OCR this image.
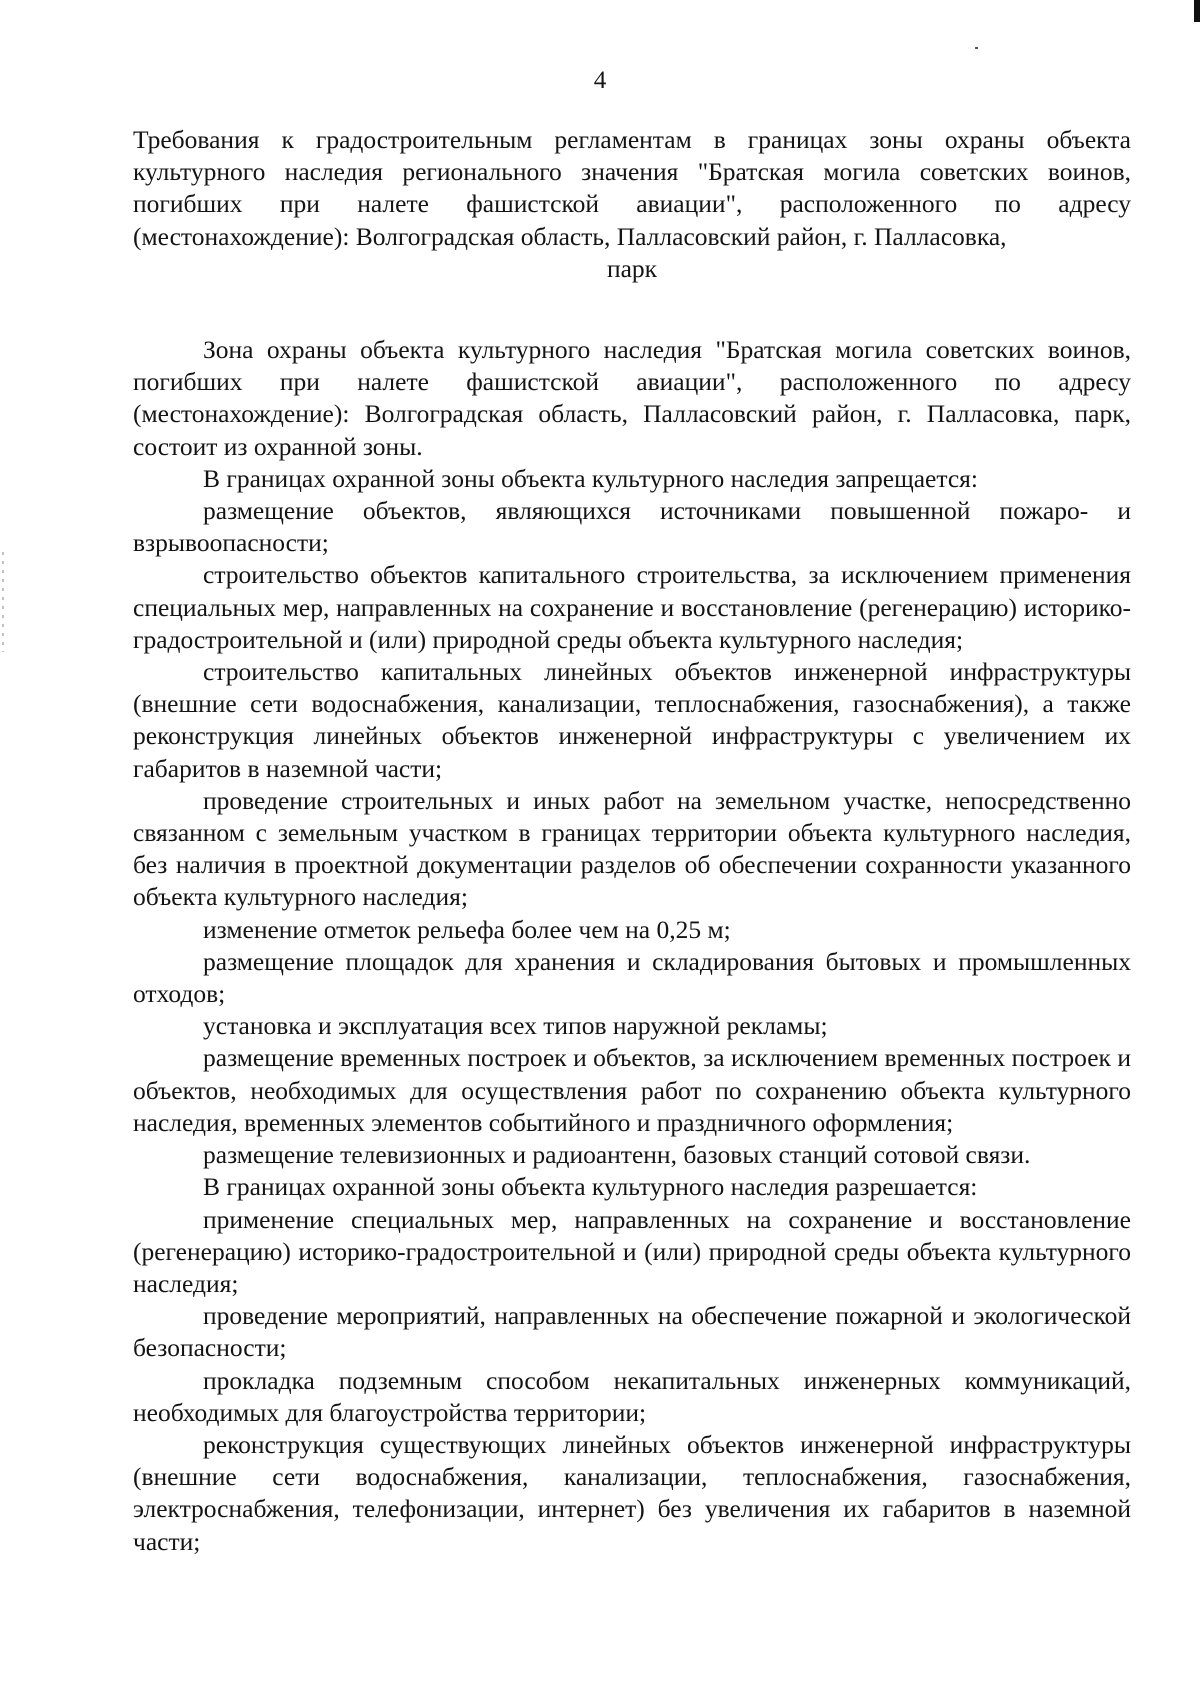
4

Требования к градостроительным регламентам в границах зоны охраны объекта культурного наследия регионального значения "Братская могила советских воинов, погибших при налете фашистской авиации", расположенного по адресу (местонахождение): Волгоградская область, Палласовский район, г. Палласовка,

парк

Зона охраны объекта культурного наследия "Братская могила советских воинов, погибших при налете фашистской авиации", расположенного по адресу (местонахождение): Волгоградская область, Палласовский район, г. Палласовка, парк, состоит из охранной зоны.

В границах охранной зоны объекта культурного наследия запрещается:

размещение объектов, являющихся источниками повышенной пожаро- и взрывоопасности;

строительство объектов капитального строительства, за исключением применения специальных мер, направленных на сохранение и восстановление (регенерацию) историко-градостроительной и (или) природной среды объекта культурного наследия;

строительство капитальных линейных объектов инженерной инфраструктуры (внешние сети водоснабжения, канализации, теплоснабжения, газоснабжения), а также реконструкция линейных объектов инженерной инфраструктуры с увеличением их габаритов в наземной части;

проведение строительных и иных работ на земельном участке, непосредственно связанном с земельным участком в границах территории объекта культурного наследия, без наличия в проектной документации разделов об обеспечении сохранности указанного объекта культурного наследия;

изменение отметок рельефа более чем на 0,25 м;

размещение площадок для хранения и складирования бытовых и промышленных отходов;

установка и эксплуатация всех типов наружной рекламы;

размещение временных построек и объектов, за исключением временных построек и объектов, необходимых для осуществления работ по сохранению объекта культурного наследия, временных элементов событийного и праздничного оформления;

размещение телевизионных и радиоантенн, базовых станций сотовой связи.

В границах охранной зоны объекта культурного наследия разрешается:

применение специальных мер, направленных на сохранение и восстановление (регенерацию) историко-градостроительной и (или) природной среды объекта культурного наследия;

проведение мероприятий, направленных на обеспечение пожарной и экологической безопасности;

прокладка подземным способом некапитальных инженерных коммуникаций, необходимых для благоустройства территории;

реконструкция существующих линейных объектов инженерной инфраструктуры (внешние сети водоснабжения, канализации, теплоснабжения, газоснабжения, электроснабжения, телефонизации, интернет) без увеличения их габаритов в наземной части;
